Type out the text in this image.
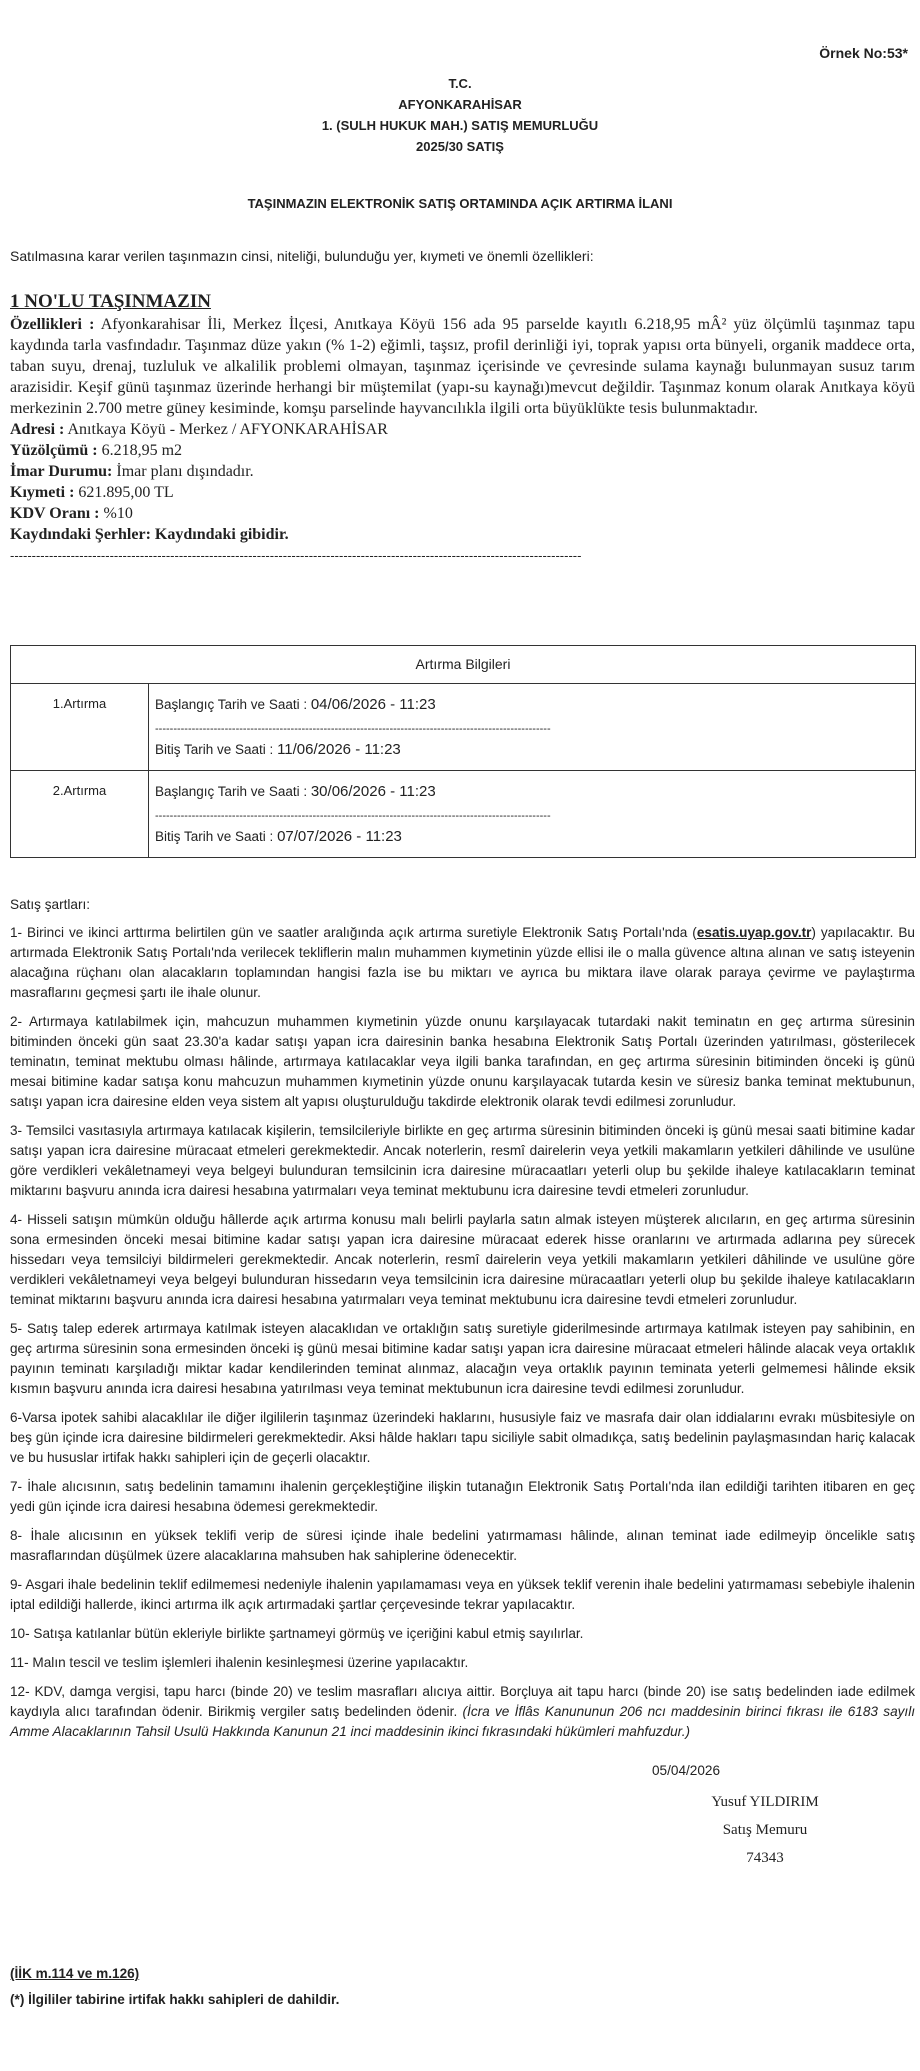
Örnek No:53*
T.C.
AFYONKARAHİSAR
1. (SULH HUKUK MAH.) SATIŞ MEMURLUĞU
2025/30 SATIŞ
TAŞINMAZIN ELEKTRONİK SATIŞ ORTAMINDA AÇIK ARTIRMA İLANI
Satılmasına karar verilen taşınmazın cinsi, niteliği, bulunduğu yer, kıymeti ve önemli özellikleri:
1 NO'LU TAŞINMAZIN

Özellikleri : Afyonkarahisar İli, Merkez İlçesi, Anıtkaya Köyü 156 ada 95 parselde kayıtlı 6.218,95 mÂ² yüz ölçümlü taşınmaz tapu kaydında tarla vasfındadır. Taşınmaz düze yakın (% 1-2) eğimli, taşsız, profil derinliği iyi, toprak yapısı orta bünyeli, organik maddece orta, taban suyu, drenaj, tuzluluk ve alkalilik problemi olmayan, taşınmaz içerisinde ve çevresinde sulama kaynağı bulunmayan susuz tarım arazisidir. Keşif günü taşınmaz üzerinde herhangi bir müştemilat (yapı-su kaynağı)mevcut değildir. Taşınmaz konum olarak Anıtkaya köyü merkezinin 2.700 metre güney kesiminde, komşu parselinde hayvancılıkla ilgili orta büyüklükte tesis bulunmaktadır.

Adresi : Anıtkaya Köyü - Merkez / AFYONKARAHİSAR

Yüzölçümü : 6.218,95 m2

İmar Durumu: İmar planı dışındadır.

Kıymeti : 621.895,00 TL

KDV Oranı : %10

Kaydındaki Şerhler: Kaydındaki gibidir.

------------------------------------------------------------------------------------------------------------------------------------
Artırma Bilgileri	
1.Artırma	Başlangıç Tarih ve Saati : 04/06/2026 - 11:23
------------------------------------------------------------------------------------------------------------
Bitiş Tarih ve Saati : 11/06/2026 - 11:23

2.Artırma	Başlangıç Tarih ve Saati : 30/06/2026 - 11:23
------------------------------------------------------------------------------------------------------------
Bitiş Tarih ve Saati : 07/07/2026 - 11:23

Satış şartları:

1- Birinci ve ikinci arttırma belirtilen gün ve saatler aralığında açık artırma suretiyle Elektronik Satış Portalı'nda (esatis.uyap.gov.tr) yapılacaktır. Bu artırmada Elektronik Satış Portalı'nda verilecek tekliflerin malın muhammen kıymetinin yüzde ellisi ile o malla güvence altına alınan ve satış isteyenin alacağına rüçhanı olan alacakların toplamından hangisi fazla ise bu miktarı ve ayrıca bu miktara ilave olarak paraya çevirme ve paylaştırma masraflarını geçmesi şartı ile ihale olunur.

2- Artırmaya katılabilmek için, mahcuzun muhammen kıymetinin yüzde onunu karşılayacak tutardaki nakit teminatın en geç artırma süresinin bitiminden önceki gün saat 23.30'a kadar satışı yapan icra dairesinin banka hesabına Elektronik Satış Portalı üzerinden yatırılması, gösterilecek teminatın, teminat mektubu olması hâlinde, artırmaya katılacaklar veya ilgili banka tarafından, en geç artırma süresinin bitiminden önceki iş günü mesai bitimine kadar satışa konu mahcuzun muhammen kıymetinin yüzde onunu karşılayacak tutarda kesin ve süresiz banka teminat mektubunun, satışı yapan icra dairesine elden veya sistem alt yapısı oluşturulduğu takdirde elektronik olarak tevdi edilmesi zorunludur.

3- Temsilci vasıtasıyla artırmaya katılacak kişilerin, temsilcileriyle birlikte en geç artırma süresinin bitiminden önceki iş günü mesai saati bitimine kadar satışı yapan icra dairesine müracaat etmeleri gerekmektedir. Ancak noterlerin, resmî dairelerin veya yetkili makamların yetkileri dâhilinde ve usulüne göre verdikleri vekâletnameyi veya belgeyi bulunduran temsilcinin icra dairesine müracaatları yeterli olup bu şekilde ihaleye katılacakların teminat miktarını başvuru anında icra dairesi hesabına yatırmaları veya teminat mektubunu icra dairesine tevdi etmeleri zorunludur.

4- Hisseli satışın mümkün olduğu hâllerde açık artırma konusu malı belirli paylarla satın almak isteyen müşterek alıcıların, en geç artırma süresinin sona ermesinden önceki mesai bitimine kadar satışı yapan icra dairesine müracaat ederek hisse oranlarını ve artırmada adlarına pey sürecek hissedarı veya temsilciyi bildirmeleri gerekmektedir. Ancak noterlerin, resmî dairelerin veya yetkili makamların yetkileri dâhilinde ve usulüne göre verdikleri vekâletnameyi veya belgeyi bulunduran hissedarın veya temsilcinin icra dairesine müracaatları yeterli olup bu şekilde ihaleye katılacakların teminat miktarını başvuru anında icra dairesi hesabına yatırmaları veya teminat mektubunu icra dairesine tevdi etmeleri zorunludur.

5- Satış talep ederek artırmaya katılmak isteyen alacaklıdan ve ortaklığın satış suretiyle giderilmesinde artırmaya katılmak isteyen pay sahibinin, en geç artırma süresinin sona ermesinden önceki iş günü mesai bitimine kadar satışı yapan icra dairesine müracaat etmeleri hâlinde alacak veya ortaklık payının teminatı karşıladığı miktar kadar kendilerinden teminat alınmaz, alacağın veya ortaklık payının teminata yeterli gelmemesi hâlinde eksik kısmın başvuru anında icra dairesi hesabına yatırılması veya teminat mektubunun icra dairesine tevdi edilmesi zorunludur.

6-Varsa ipotek sahibi alacaklılar ile diğer ilgililerin taşınmaz üzerindeki haklarını, hususiyle faiz ve masrafa dair olan iddialarını evrakı müsbitesiyle on beş gün içinde icra dairesine bildirmeleri gerekmektedir. Aksi hâlde hakları tapu siciliyle sabit olmadıkça, satış bedelinin paylaşmasından hariç kalacak ve bu hususlar irtifak hakkı sahipleri için de geçerli olacaktır.

7- İhale alıcısının, satış bedelinin tamamını ihalenin gerçekleştiğine ilişkin tutanağın Elektronik Satış Portalı'nda ilan edildiği tarihten itibaren en geç yedi gün içinde icra dairesi hesabına ödemesi gerekmektedir.

8- İhale alıcısının en yüksek teklifi verip de süresi içinde ihale bedelini yatırmaması hâlinde, alınan teminat iade edilmeyip öncelikle satış masraflarından düşülmek üzere alacaklarına mahsuben hak sahiplerine ödenecektir.

9- Asgari ihale bedelinin teklif edilmemesi nedeniyle ihalenin yapılamaması veya en yüksek teklif verenin ihale bedelini yatırmaması sebebiyle ihalenin iptal edildiği hallerde, ikinci artırma ilk açık artırmadaki şartlar çerçevesinde tekrar yapılacaktır.

10- Satışa katılanlar bütün ekleriyle birlikte şartnameyi görmüş ve içeriğini kabul etmiş sayılırlar.

11- Malın tescil ve teslim işlemleri ihalenin kesinleşmesi üzerine yapılacaktır.

12- KDV, damga vergisi, tapu harcı (binde 20) ve teslim masrafları alıcıya aittir. Borçluya ait tapu harcı (binde 20) ise satış bedelinden iade edilmek kaydıyla alıcı tarafından ödenir. Birikmiş vergiler satış bedelinden ödenir. (İcra ve İflâs Kanununun 206 ncı maddesinin birinci fıkrası ile 6183 sayılı Amme Alacaklarının Tahsil Usulü Hakkında Kanunun 21 inci maddesinin ikinci fıkrasındaki hükümleri mahfuzdur.)

05/04/2026
Yusuf YILDIRIM
Satış Memuru
74343
(İİK m.114 ve m.126)
(*) İlgililer tabirine irtifak hakkı sahipleri de dahildir.
